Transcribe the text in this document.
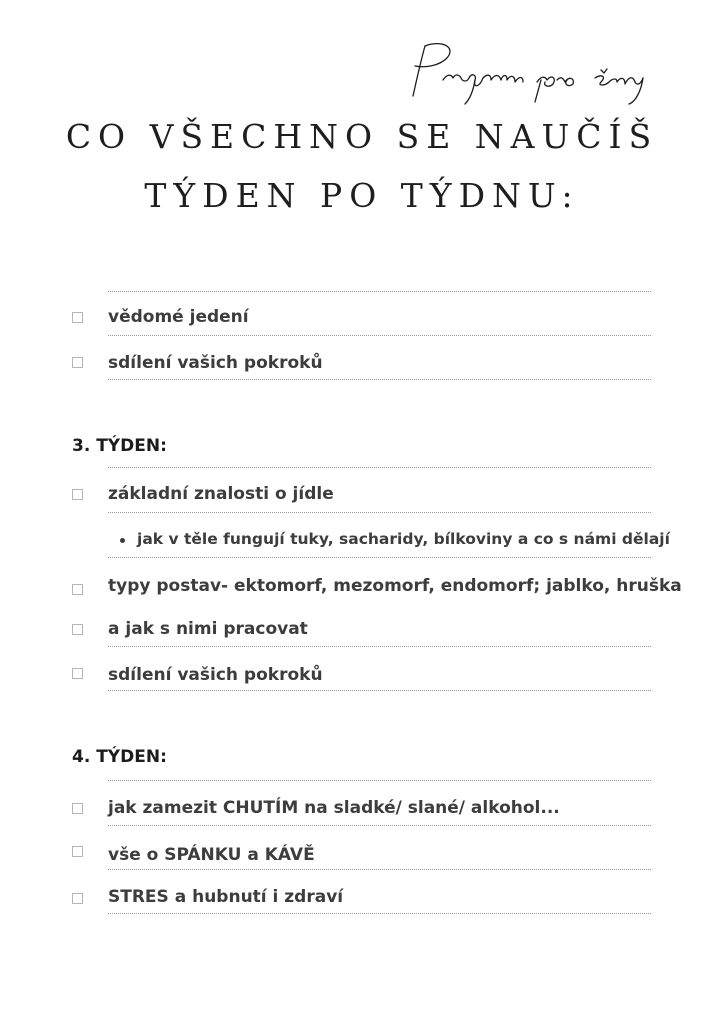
CO VŠECHNO SE NAUČÍŠ
TÝDEN PO TÝDNU:
vědomé jedení
sdílení vašich pokroků
3. TÝDEN:
základní znalosti o jídle
jak v těle fungují tuky, sacharidy, bílkoviny a co s námi dělají
typy postav- ektomorf, mezomorf, endomorf; jablko, hruška
a jak s nimi pracovat
sdílení vašich pokroků
4. TÝDEN:
jak zamezit CHUTÍM na sladké/ slané/ alkohol...
vše o SPÁNKU a KÁVĚ
STRES a hubnutí i zdraví
